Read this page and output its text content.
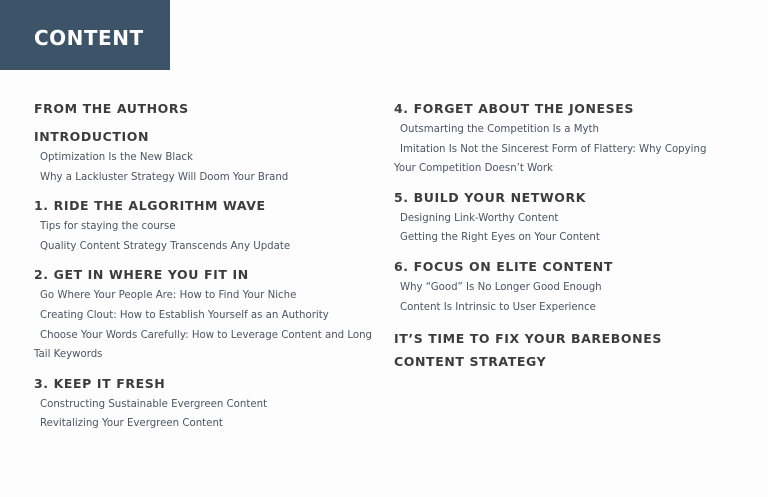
CONTENT

FROM THE AUTHORS

INTRODUCTION

Optimization Is the New Black
Why a Lackluster Strategy Will Doom Your Brand

1. RIDE THE ALGORITHM WAVE

Tips for staying the course
Quality Content Strategy Transcends Any Update

2. GET IN WHERE YOU FIT IN

Go Where Your People Are: How to Find Your Niche
Creating Clout: How to Establish Yourself as an Authority
Choose Your Words Carefully: How to Leverage Content and Long Tail Keywords

3. KEEP IT FRESH

Constructing Sustainable Evergreen Content
Revitalizing Your Evergreen Content

4. FORGET ABOUT THE JONESES

Outsmarting the Competition Is a Myth
Imitation Is Not the Sincerest Form of Flattery: Why Copying Your Competition Doesn’t Work

5. BUILD YOUR NETWORK

Designing Link-Worthy Content
Getting the Right Eyes on Your Content

6. FOCUS ON ELITE CONTENT

Why “Good” Is No Longer Good Enough
Content Is Intrinsic to User Experience

IT’S TIME TO FIX YOUR BAREBONES CONTENT STRATEGY
